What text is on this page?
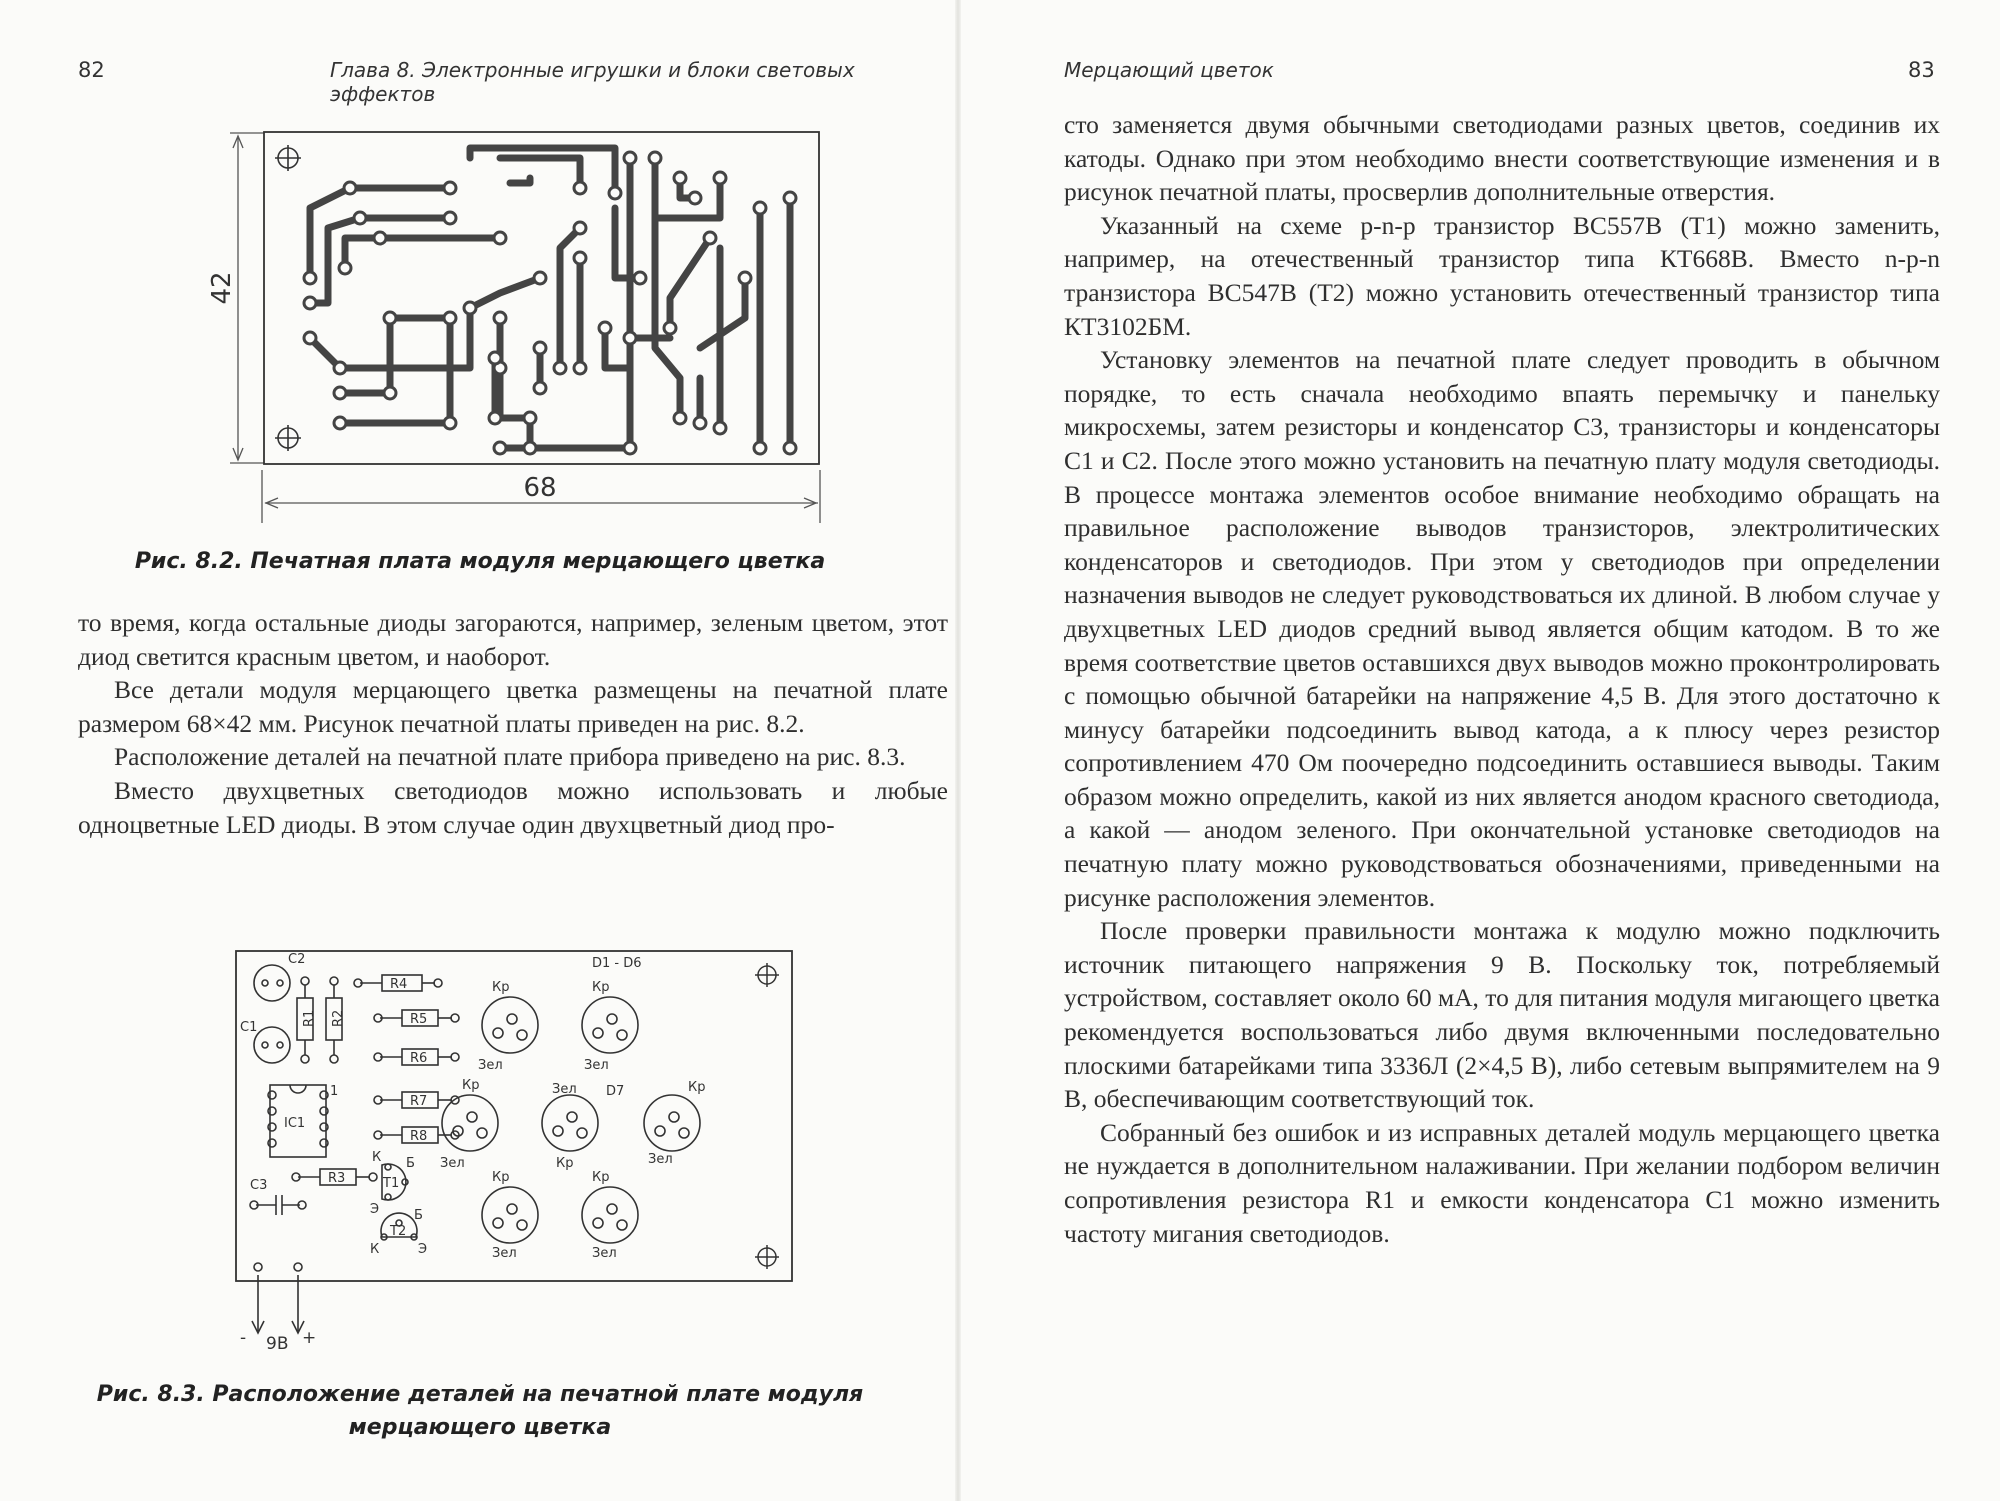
82	Глава 8. Электронные игрушки и блоки световых эффектов
42
68
Рис. 8.2. Печатная плата модуля мерцающего цветка

то время, когда остальные диоды загораются, например, зеленым цветом, этот диод светится красным цветом, и наоборот.

Все детали модуля мерцающего цветка размещены на печатной плате размером 68×42 мм. Рисунок печатной платы приведен на рис. 8.2.

Расположение деталей на печатной плате прибора приведено на рис. 8.3.

Вместо двухцветных светодиодов можно использовать и любые одноцветные LED диоды. В этом случае один двухцветный диод про-

C2
C1
C3
R1 R2
R3
R4
R5
R6
R7
R8
IC1
1
T1
T2
К Б
Э	Б
К	Э
D1 - D6
D7
Кр	Кр
Зел	Зел
Кр	Зел	Кр
Зел	Кр	Зел
Кр	Кр
Зел	Зел
-	+
9В
Рис. 8.3. Расположение деталей на печатной плате модуля
мерцающего цветка
Мерцающий цветок	83

сто заменяется двумя обычными светодиодами разных цветов, соединив их катоды. Однако при этом необходимо внести соответствующие изменения и в рисунок печатной платы, просверлив дополнительные отверстия.

Указанный на схеме р-n-р транзистор ВС557В (Т1) можно заменить, например, на отечественный транзистор типа КТ668В. Вместо n-р-n транзистора ВС547В (Т2) можно установить отечественный транзистор типа КТ3102БМ.

Установку элементов на печатной плате следует проводить в обычном порядке, то есть сначала необходимо впаять перемычку и панельку микросхемы, затем резисторы и конденсатор С3, транзисторы и конденсаторы С1 и С2. После этого можно установить на печатную плату модуля светодиоды. В процессе монтажа элементов особое внимание необходимо обращать на правильное расположение выводов транзисторов, электролитических конденсаторов и светодиодов. При этом у светодиодов при определении назначения выводов не следует руководствоваться их длиной. В любом случае у двухцветных LED диодов средний вывод является общим катодом. В то же время соответствие цветов оставшихся двух выводов можно проконтролировать с помощью обычной батарейки на напряжение 4,5 В. Для этого достаточно к минусу батарейки подсоединить вывод катода, а к плюсу через резистор сопротивлением 470 Ом поочередно подсоединить оставшиеся выводы. Таким образом можно определить, какой из них является анодом красного светодиода, а какой — анодом зеленого. При окончательной установке светодиодов на печатную плату можно руководствоваться обозначениями, приведенными на рисунке расположения элементов.

После проверки правильности монтажа к модулю можно подключить источник питающего напряжения 9 В. Поскольку ток, потребляемый устройством, составляет около 60 мА, то для питания модуля мигающего цветка рекомендуется воспользоваться либо двумя включенными последовательно плоскими батарейками типа 3336Л (2×4,5 В), либо сетевым выпрямителем на 9 В, обеспечивающим соответствующий ток.

Собранный без ошибок и из исправных деталей модуль мерцающего цветка не нуждается в дополнительном налаживании. При желании подбором величин сопротивления резистора R1 и емкости конденсатора С1 можно изменить частоту мигания светодиодов.
